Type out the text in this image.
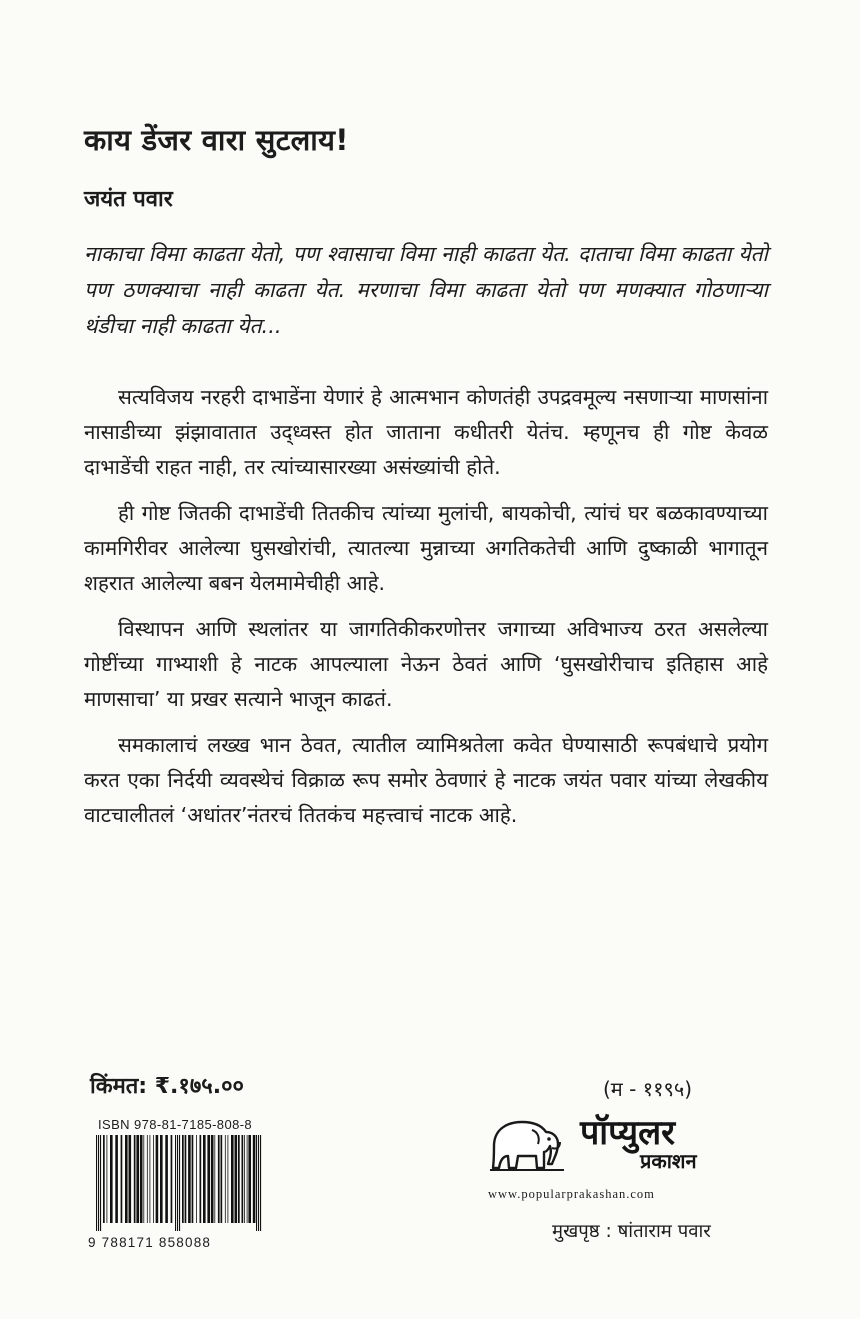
काय डेंजर वारा सुटलाय!
जयंत पवार

नाकाचा विमा काढता येतो, पण श्वासाचा विमा नाही काढता येत. दाताचा विमा काढता येतो पण ठणक्याचा नाही काढता येत. मरणाचा विमा काढता येतो पण मणक्यात गोठणाऱ्या थंडीचा नाही काढता येत...

सत्यविजय नरहरी दाभाडेंना येणारं हे आत्मभान कोणतंही उपद्रवमूल्य नसणाऱ्या माणसांना नासाडीच्या झंझावातात उद्ध्वस्त होत जाताना कधीतरी येतंच. म्हणूनच ही गोष्ट केवळ दाभाडेंची राहत नाही, तर त्यांच्यासारख्या असंख्यांची होते.

ही गोष्ट जितकी दाभाडेंची तितकीच त्यांच्या मुलांची, बायकोची, त्यांचं घर बळकावण्याच्या कामगिरीवर आलेल्या घुसखोरांची, त्यातल्या मुन्नाच्या अगतिकतेची आणि दुष्काळी भागातून शहरात आलेल्या बबन येलमामेचीही आहे.

विस्थापन आणि स्थलांतर या जागतिकीकरणोत्तर जगाच्या अविभाज्य ठरत असलेल्या गोष्टींच्या गाभ्याशी हे नाटक आपल्याला नेऊन ठेवतं आणि ‘घुसखोरीचाच इतिहास आहे माणसाचा’ या प्रखर सत्याने भाजून काढतं.

समकालाचं लख्ख भान ठेवत, त्यातील व्यामिश्रतेला कवेत घेण्यासाठी रूपबंधाचे प्रयोग करत एका निर्दयी व्यवस्थेचं विक्राळ रूप समोर ठेवणारं हे नाटक जयंत पवार यांच्या लेखकीय वाटचालीतलं ‘अधांतर’नंतरचं तितकंच महत्त्वाचं नाटक आहे.

किंमत: ₹.१७५.००

ISBN 978-81-7185-808-8
9 788171 858088

(म - ११९५)

पॉप्युलर

प्रकाशन

www.popularprakashan.com

मुखपृष्ठ : षांताराम पवार
